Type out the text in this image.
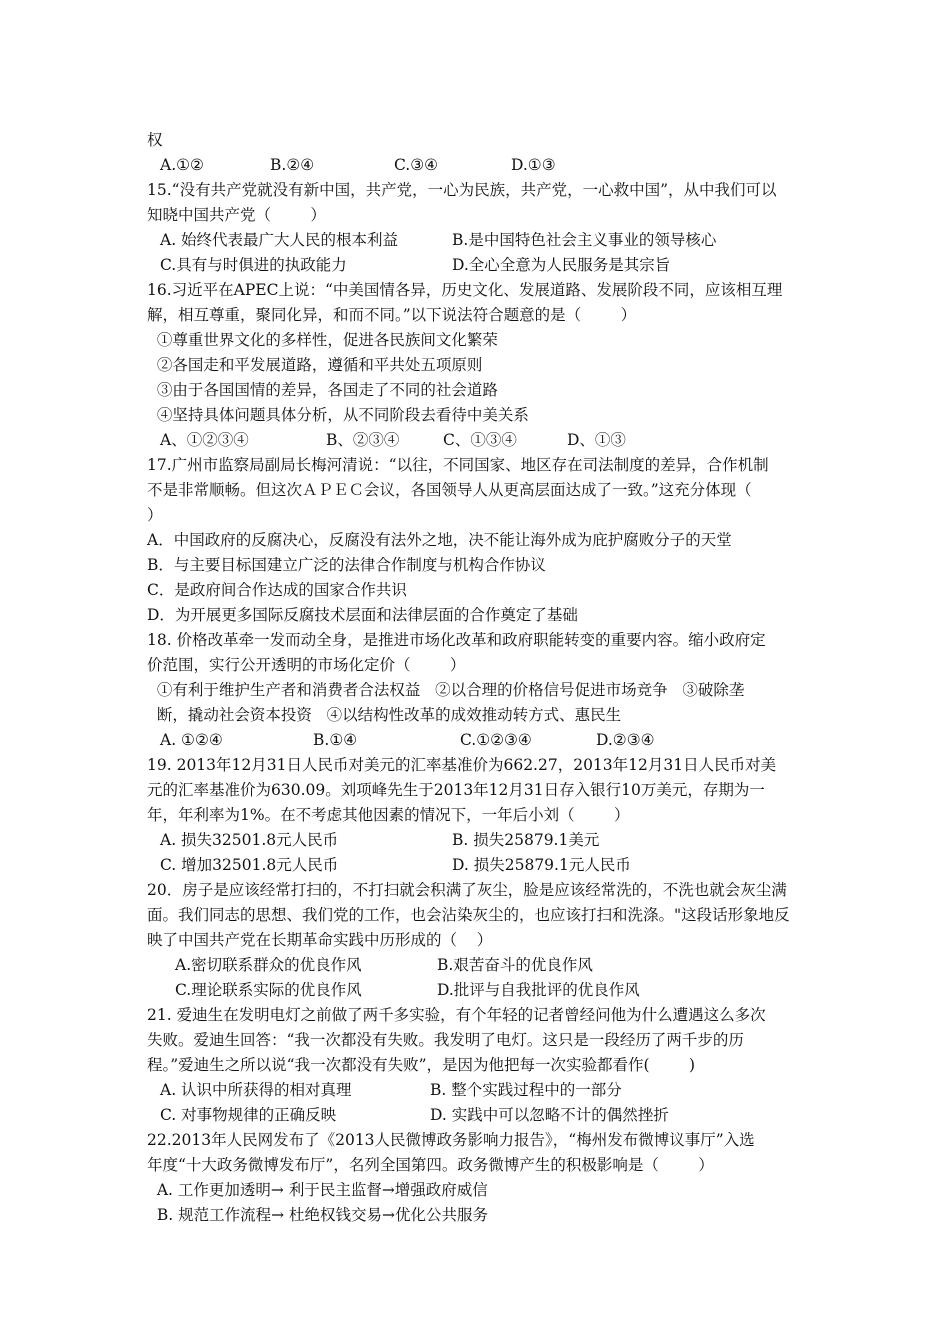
权
15.“没有共产党就没有新中国，共产党，一心为民族，共产党，一心救中国”，从中我们可以
知晓中国共产党（        ）
16.习近平在APEC上说：“中美国情各异，历史文化、发展道路、发展阶段不同，应该相互理
解，相互尊重，聚同化异，和而不同。”以下说法符合题意的是（        ）
①尊重世界文化的多样性，促进各民族间文化繁荣
②各国走和平发展道路，遵循和平共处五项原则
③由于各国国情的差异，各国走了不同的社会道路
④坚持具体问题具体分析，从不同阶段去看待中美关系
17.广州市监察局副局长梅河清说：“以往，不同国家、地区存在司法制度的差异，合作机制
不是非常顺畅。但这次ＡＰＥＣ会议，各国领导人从更高层面达成了一致。”这充分体现（
）
A．中国政府的反腐决心，反腐没有法外之地，决不能让海外成为庇护腐败分子的天堂
B．与主要目标国建立广泛的法律合作制度与机构合作协议
C．是政府间合作达成的国家合作共识
D．为开展更多国际反腐技术层面和法律层面的合作奠定了基础
18. 价格改革牵一发而动全身，是推进市场化改革和政府职能转变的重要内容。缩小政府定
价范围，实行公开透明的市场化定价（        ）
①有利于维护生产者和消费者合法权益   ②以合理的价格信号促进市场竞争   ③破除垄
断，撬动社会资本投资   ④以结构性改革的成效推动转方式、惠民生
19. 2013年12月31日人民币对美元的汇率基准价为662.27，2013年12月31日人民币对美
元的汇率基准价为630.09。刘项峰先生于2013年12月31日存入银行10万美元，存期为一
年，年利率为1%。在不考虑其他因素的情况下，一年后小刘（        ）
20．房子是应该经常打扫的，不打扫就会积满了灰尘，脸是应该经常洗的，不洗也就会灰尘满
面。我们同志的思想、我们党的工作，也会沾染灰尘的，也应该打扫和洗涤。"这段话形象地反
映了中国共产党在长期革命实践中历形成的（    ）
21. 爱迪生在发明电灯之前做了两千多实验，有个年轻的记者曾经问他为什么遭遇这么多次
失败。爱迪生回答：“我一次都没有失败。我发明了电灯。这只是一段经历了两千步的历
程。”爱迪生之所以说“我一次都没有失败”，是因为他把每一次实验都看作(        )
22.2013年人民网发布了《2013人民微博政务影响力报告》，“梅州发布微博议事厅”入选
年度“十大政务微博发布厅”，名列全国第四。政务微博产生的积极影响是（        ）
A. 工作更加透明→ 利于民主监督→增强政府威信
B. 规范工作流程→ 杜绝权钱交易→优化公共服务
A.①②	B.②④	C.③④	D.①③
A. 始终代表最广大人民的根本利益	B.是中国特色社会主义事业的领导核心
C.具有与时俱进的执政能力	D.全心全意为人民服务是其宗旨
A、①②③④	B、②③④	C、①③④	D、①③
A. ①②④	B.①④	C.①②③④	D.②③④
A. 损失32501.8元人民币	B. 损失25879.1美元
C. 增加32501.8元人民币	D. 损失25879.1元人民币
A.密切联系群众的优良作风	B.艰苦奋斗的优良作风
C.理论联系实际的优良作风	D.批评与自我批评的优良作风
A. 认识中所获得的相对真理	B. 整个实践过程中的一部分
C. 对事物规律的正确反映	D. 实践中可以忽略不计的偶然挫折
